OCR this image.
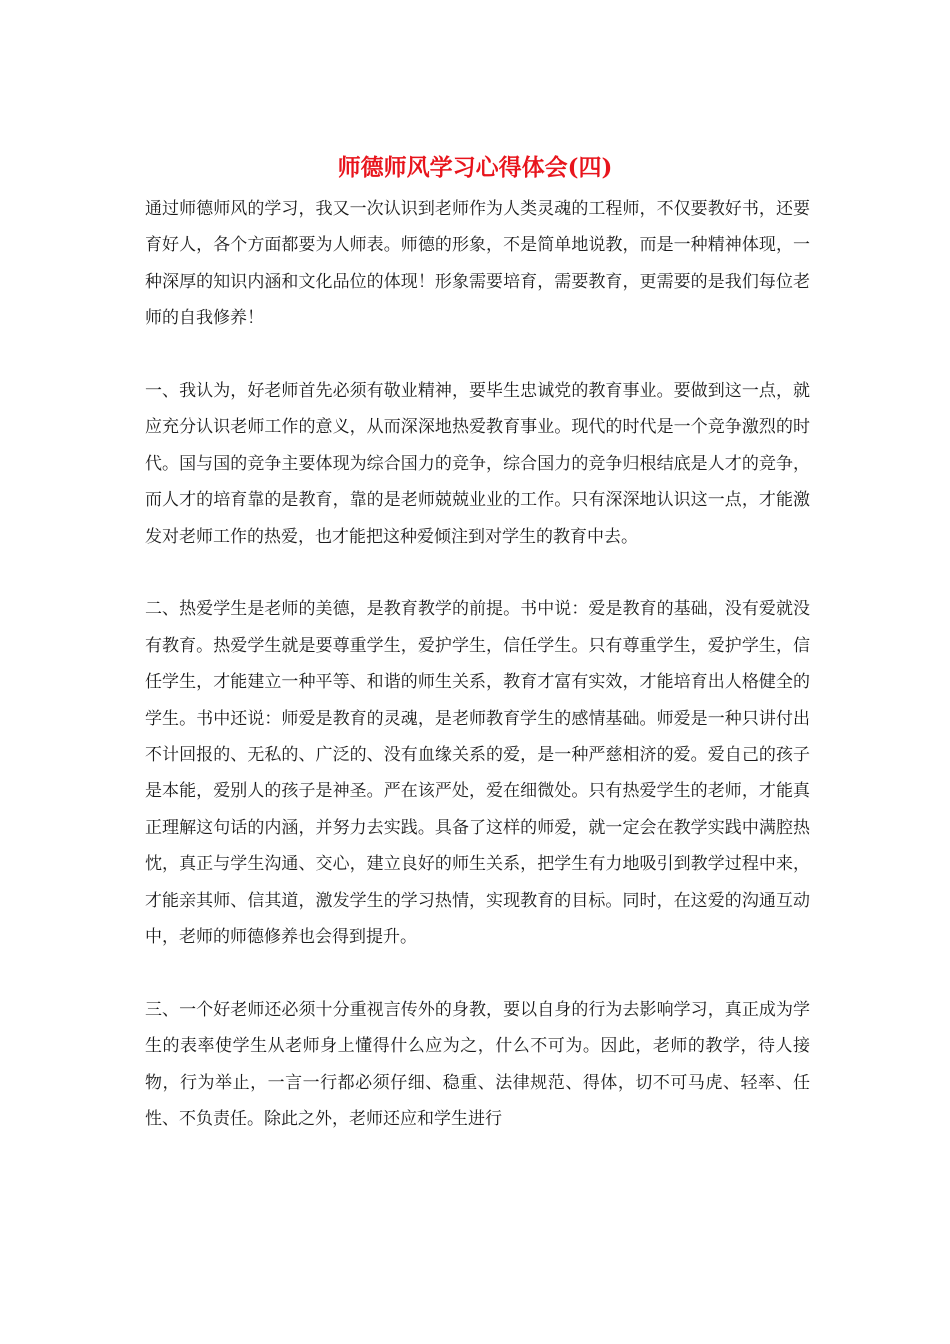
师德师风学习心得体会(四)

通过师德师风的学习，我又一次认识到老师作为人类灵魂的工程师，不仅要教好书，还要育好人，各个方面都要为人师表。师德的形象，不是简单地说教，而是一种精神体现，一种深厚的知识内涵和文化品位的体现！形象需要培育，需要教育，更需要的是我们每位老师的自我修养！

一、我认为，好老师首先必须有敬业精神，要毕生忠诚党的教育事业。要做到这一点，就应充分认识老师工作的意义，从而深深地热爱教育事业。现代的时代是一个竞争激烈的时代。国与国的竞争主要体现为综合国力的竞争，综合国力的竞争归根结底是人才的竞争，而人才的培育靠的是教育，靠的是老师兢兢业业的工作。只有深深地认识这一点，才能激发对老师工作的热爱，也才能把这种爱倾注到对学生的教育中去。

二、热爱学生是老师的美德，是教育教学的前提。书中说：爱是教育的基础，没有爱就没有教育。热爱学生就是要尊重学生，爱护学生，信任学生。只有尊重学生，爱护学生，信任学生，才能建立一种平等、和谐的师生关系，教育才富有实效，才能培育出人格健全的学生。书中还说：师爱是教育的灵魂，是老师教育学生的感情基础。师爱是一种只讲付出不计回报的、无私的、广泛的、没有血缘关系的爱，是一种严慈相济的爱。爱自己的孩子是本能，爱别人的孩子是神圣。严在该严处，爱在细微处。只有热爱学生的老师，才能真正理解这句话的内涵，并努力去实践。具备了这样的师爱，就一定会在教学实践中满腔热忱，真正与学生沟通、交心，建立良好的师生关系，把学生有力地吸引到教学过程中来，才能亲其师、信其道，激发学生的学习热情，实现教育的目标。同时，在这爱的沟通互动中，老师的师德修养也会得到提升。

三、一个好老师还必须十分重视言传外的身教，要以自身的行为去影响学习，真正成为学生的表率使学生从老师身上懂得什么应为之，什么不可为。因此，老师的教学，待人接物，行为举止，一言一行都必须仔细、稳重、法律规范、得体，切不可马虎、轻率、任性、不负责任。除此之外，老师还应和学生进行
